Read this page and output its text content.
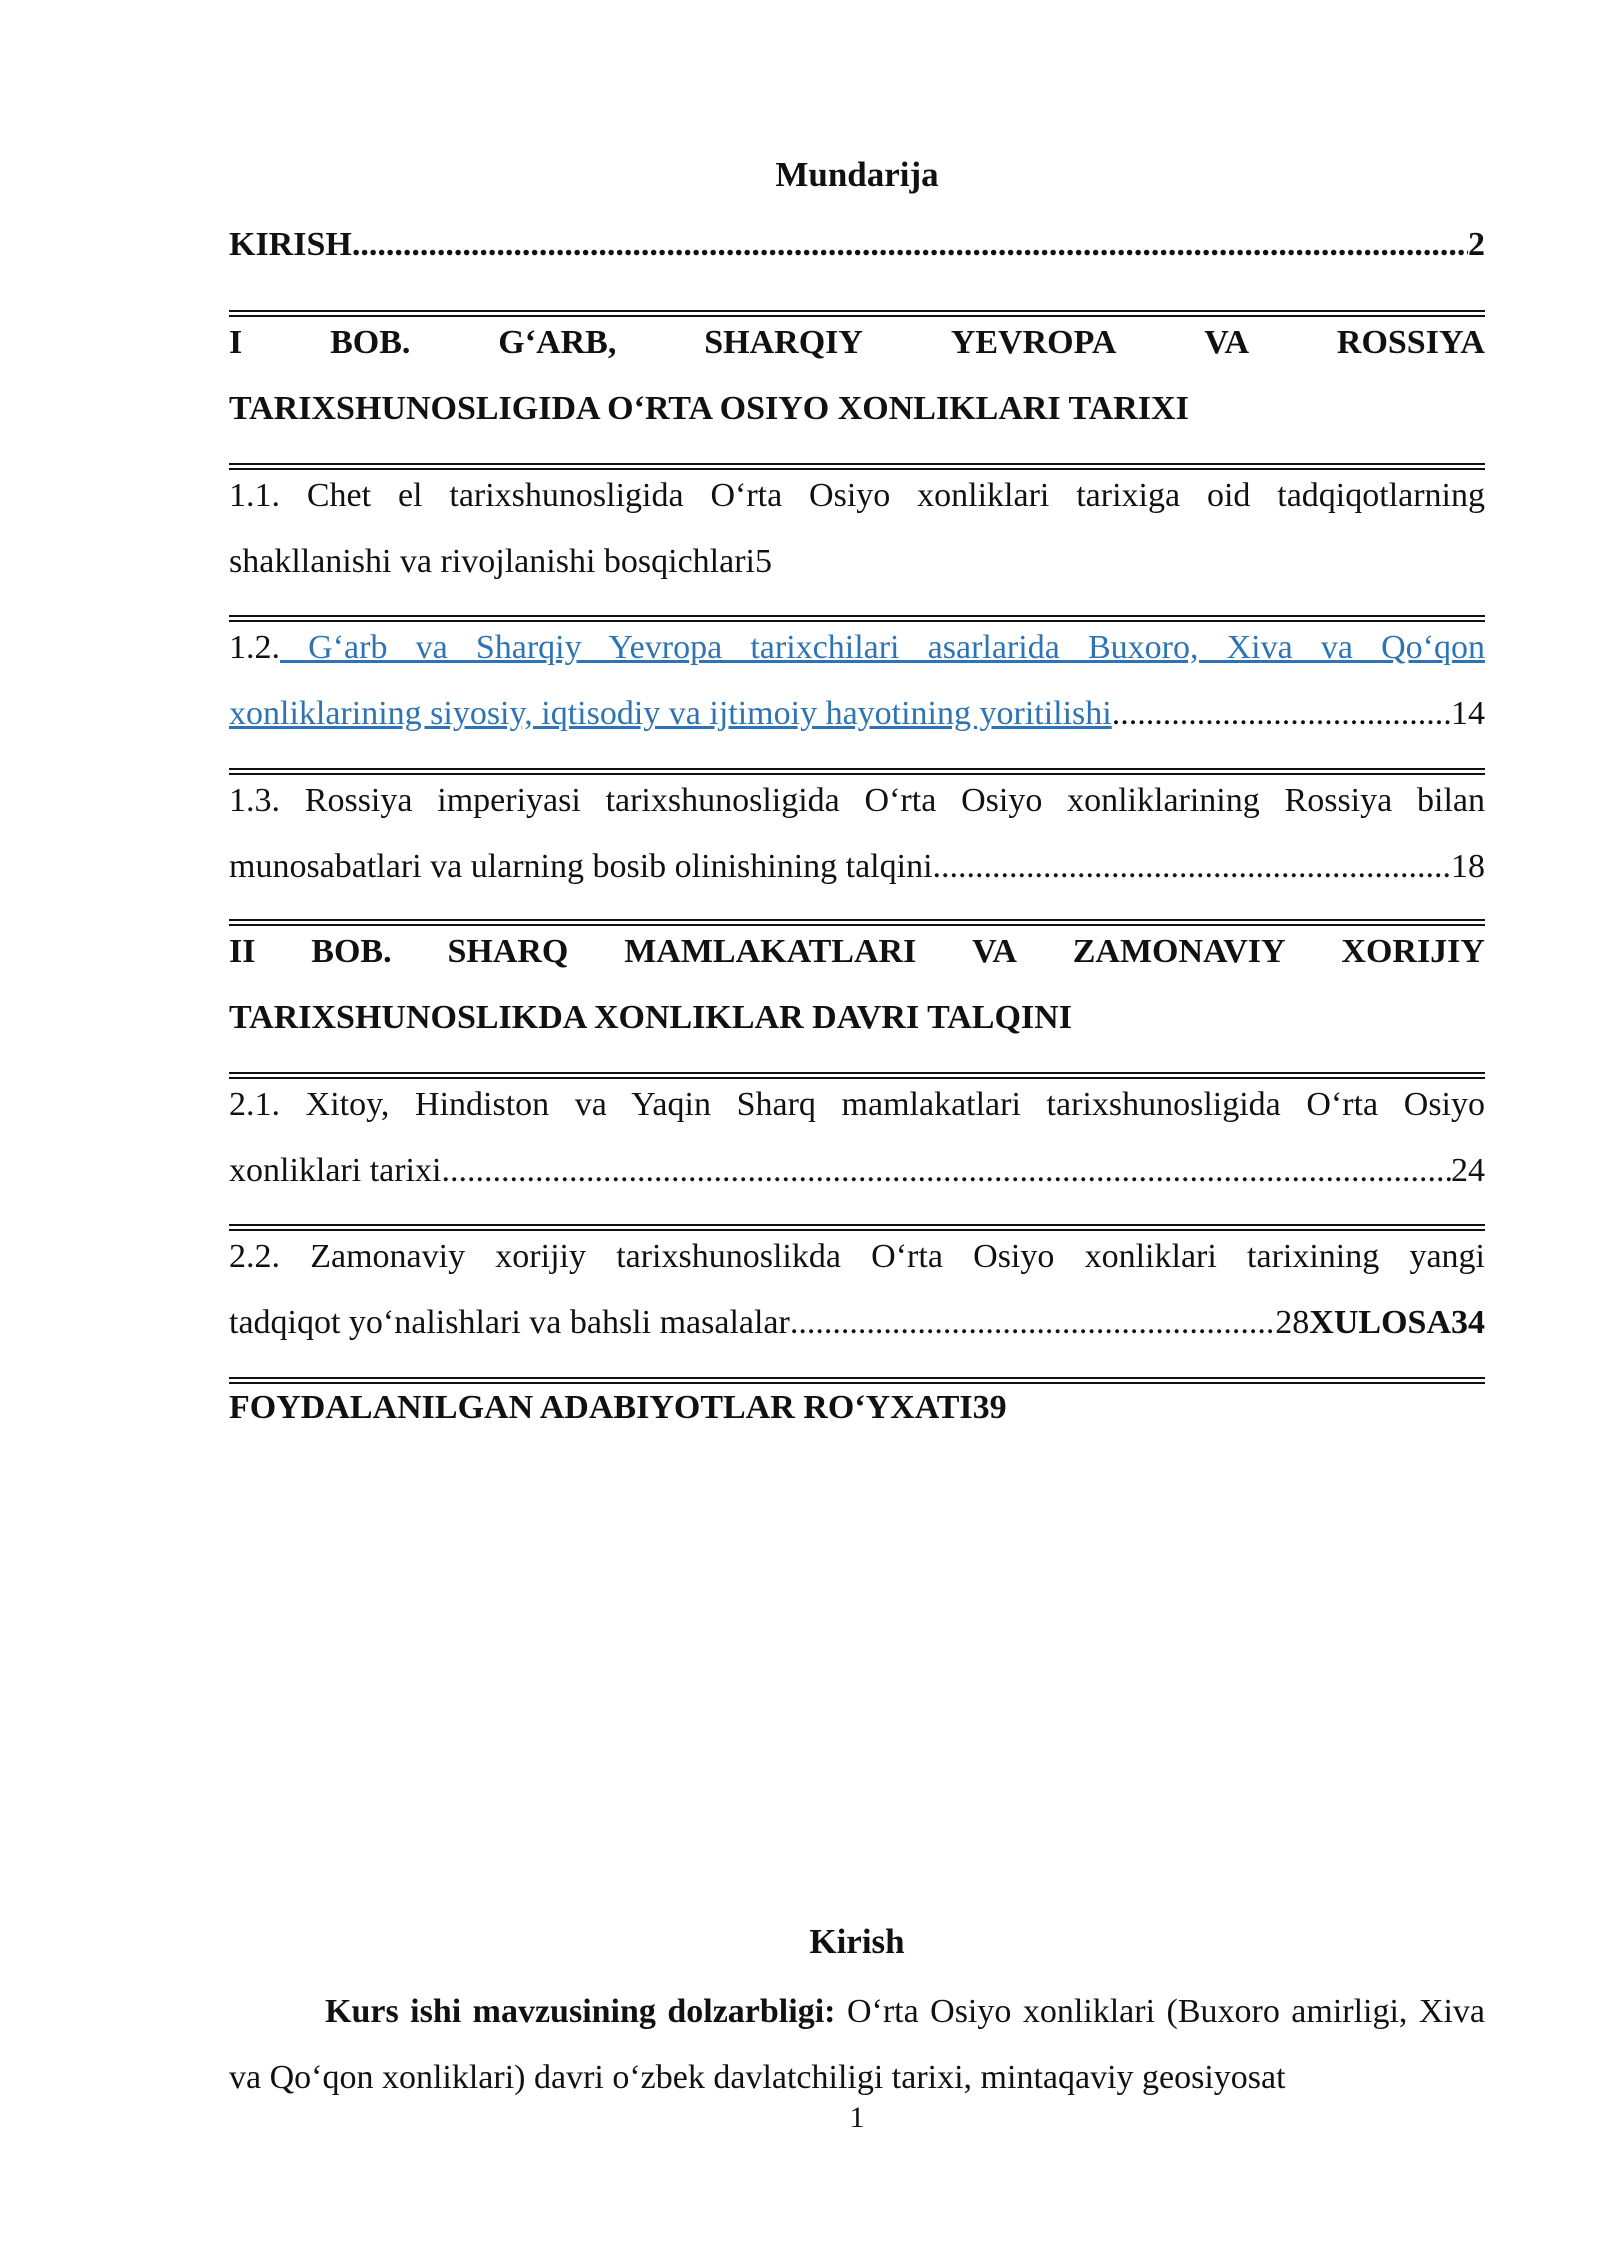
Mundarija
KIRISH .....	2
I	BOB.	G‘ARB,	SHARQIY	YEVROPA	VA	ROSSIYA
TARIXSHUNOSLIGIDA O‘RTA OSIYO XONLIKLARI TARIXI
1.1. Chet el tarixshunosligida O‘rta Osiyo xonliklari tarixiga oid tadqiqotlarning
shakllanishi va rivojlanishi bosqichlari 5
1.2. G‘arb va Sharqiy Yevropa tarixchilari asarlarida Buxoro, Xiva va Qo‘qon
xonliklarining siyosiy, iqtisodiy va ijtimoiy hayotining yoritilishi .....	14
1.3. Rossiya imperiyasi tarixshunosligida O‘rta Osiyo xonliklarining Rossiya bilan
munosabatlari va ularning bosib olinishining talqini .....	18
II BOB. SHARQ MAMLAKATLARI VA ZAMONAVIY XORIJIY
TARIXSHUNOSLIKDA XONLIKLAR DAVRI TALQINI
2.1. Xitoy, Hindiston va Yaqin Sharq mamlakatlari tarixshunosligida O‘rta Osiyo
xonliklari tarixi .....	24
2.2. Zamonaviy xorijiy tarixshunoslikda O‘rta Osiyo xonliklari tarixining yangi
tadqiqot yo‘nalishlari va bahsli masalalar .....	28 XULOSA34
FOYDALANILGAN ADABIYOTLAR RO‘YXATI39
Kirish
Kurs ishi mavzusining dolzarbligi: O‘rta Osiyo xonliklari (Buxoro amirligi, Xiva va Qo‘qon xonliklari) davri o‘zbek davlatchiligi tarixi, mintaqaviy geosiyosat
1
